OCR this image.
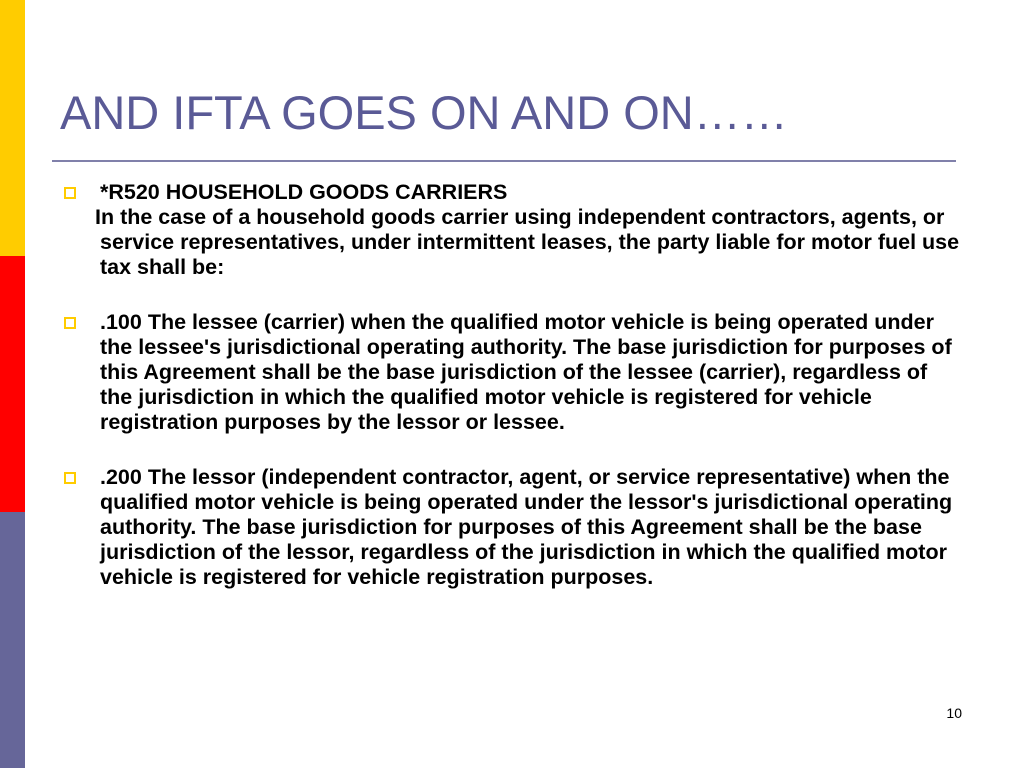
AND IFTA GOES ON AND ON……
*R520 HOUSEHOLD GOODS CARRIERS
In the case of a household goods carrier using independent contractors, agents, or service representatives, under intermittent leases, the party liable for motor fuel use tax shall be:
.100 The lessee (carrier) when the qualified motor vehicle is being operated under the lessee's jurisdictional operating authority. The base jurisdiction for purposes of this Agreement shall be the base jurisdiction of the lessee (carrier), regardless of the jurisdiction in which the qualified motor vehicle is registered for vehicle registration purposes by the lessor or lessee.
.200 The lessor (independent contractor, agent, or service representative) when the qualified motor vehicle is being operated under the lessor's jurisdictional operating authority. The base jurisdiction for purposes of this Agreement shall be the base jurisdiction of the lessor, regardless of the jurisdiction in which the qualified motor vehicle is registered for vehicle registration purposes.
10
